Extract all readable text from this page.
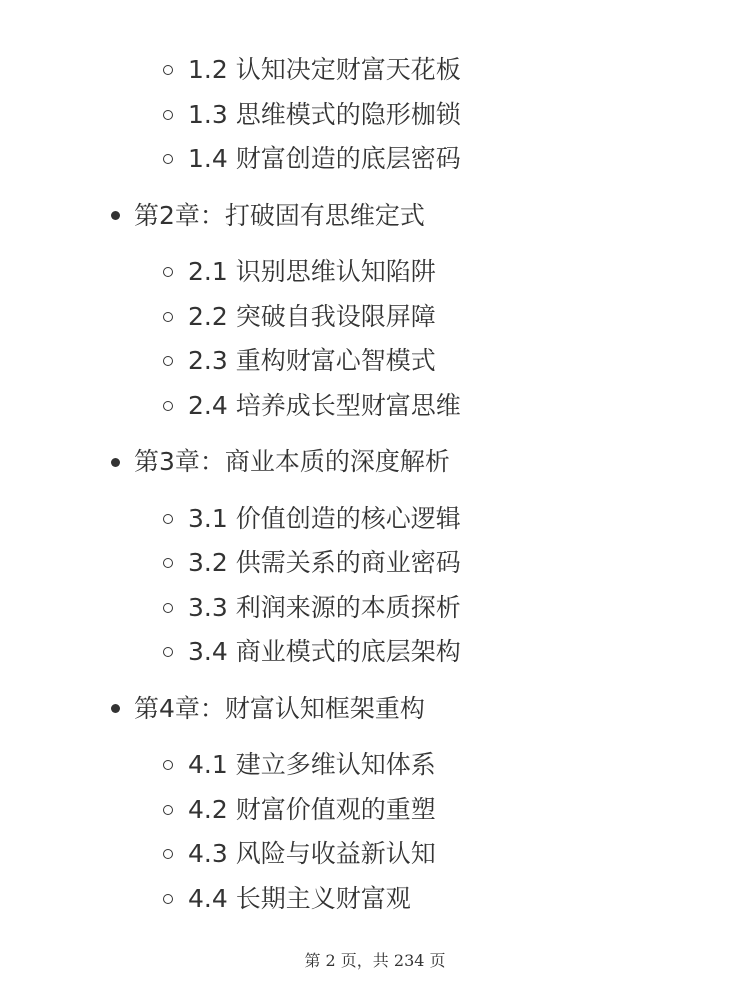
1.2 认知决定财富天花板
1.3 思维模式的隐形枷锁
1.4 财富创造的底层密码
第2章：打破固有思维定式
2.1 识别思维认知陷阱
2.2 突破自我设限屏障
2.3 重构财富心智模式
2.4 培养成长型财富思维
第3章：商业本质的深度解析
3.1 价值创造的核心逻辑
3.2 供需关系的商业密码
3.3 利润来源的本质探析
3.4 商业模式的底层架构
第4章：财富认知框架重构
4.1 建立多维认知体系
4.2 财富价值观的重塑
4.3 风险与收益新认知
4.4 长期主义财富观
第 2 页，共 234 页
